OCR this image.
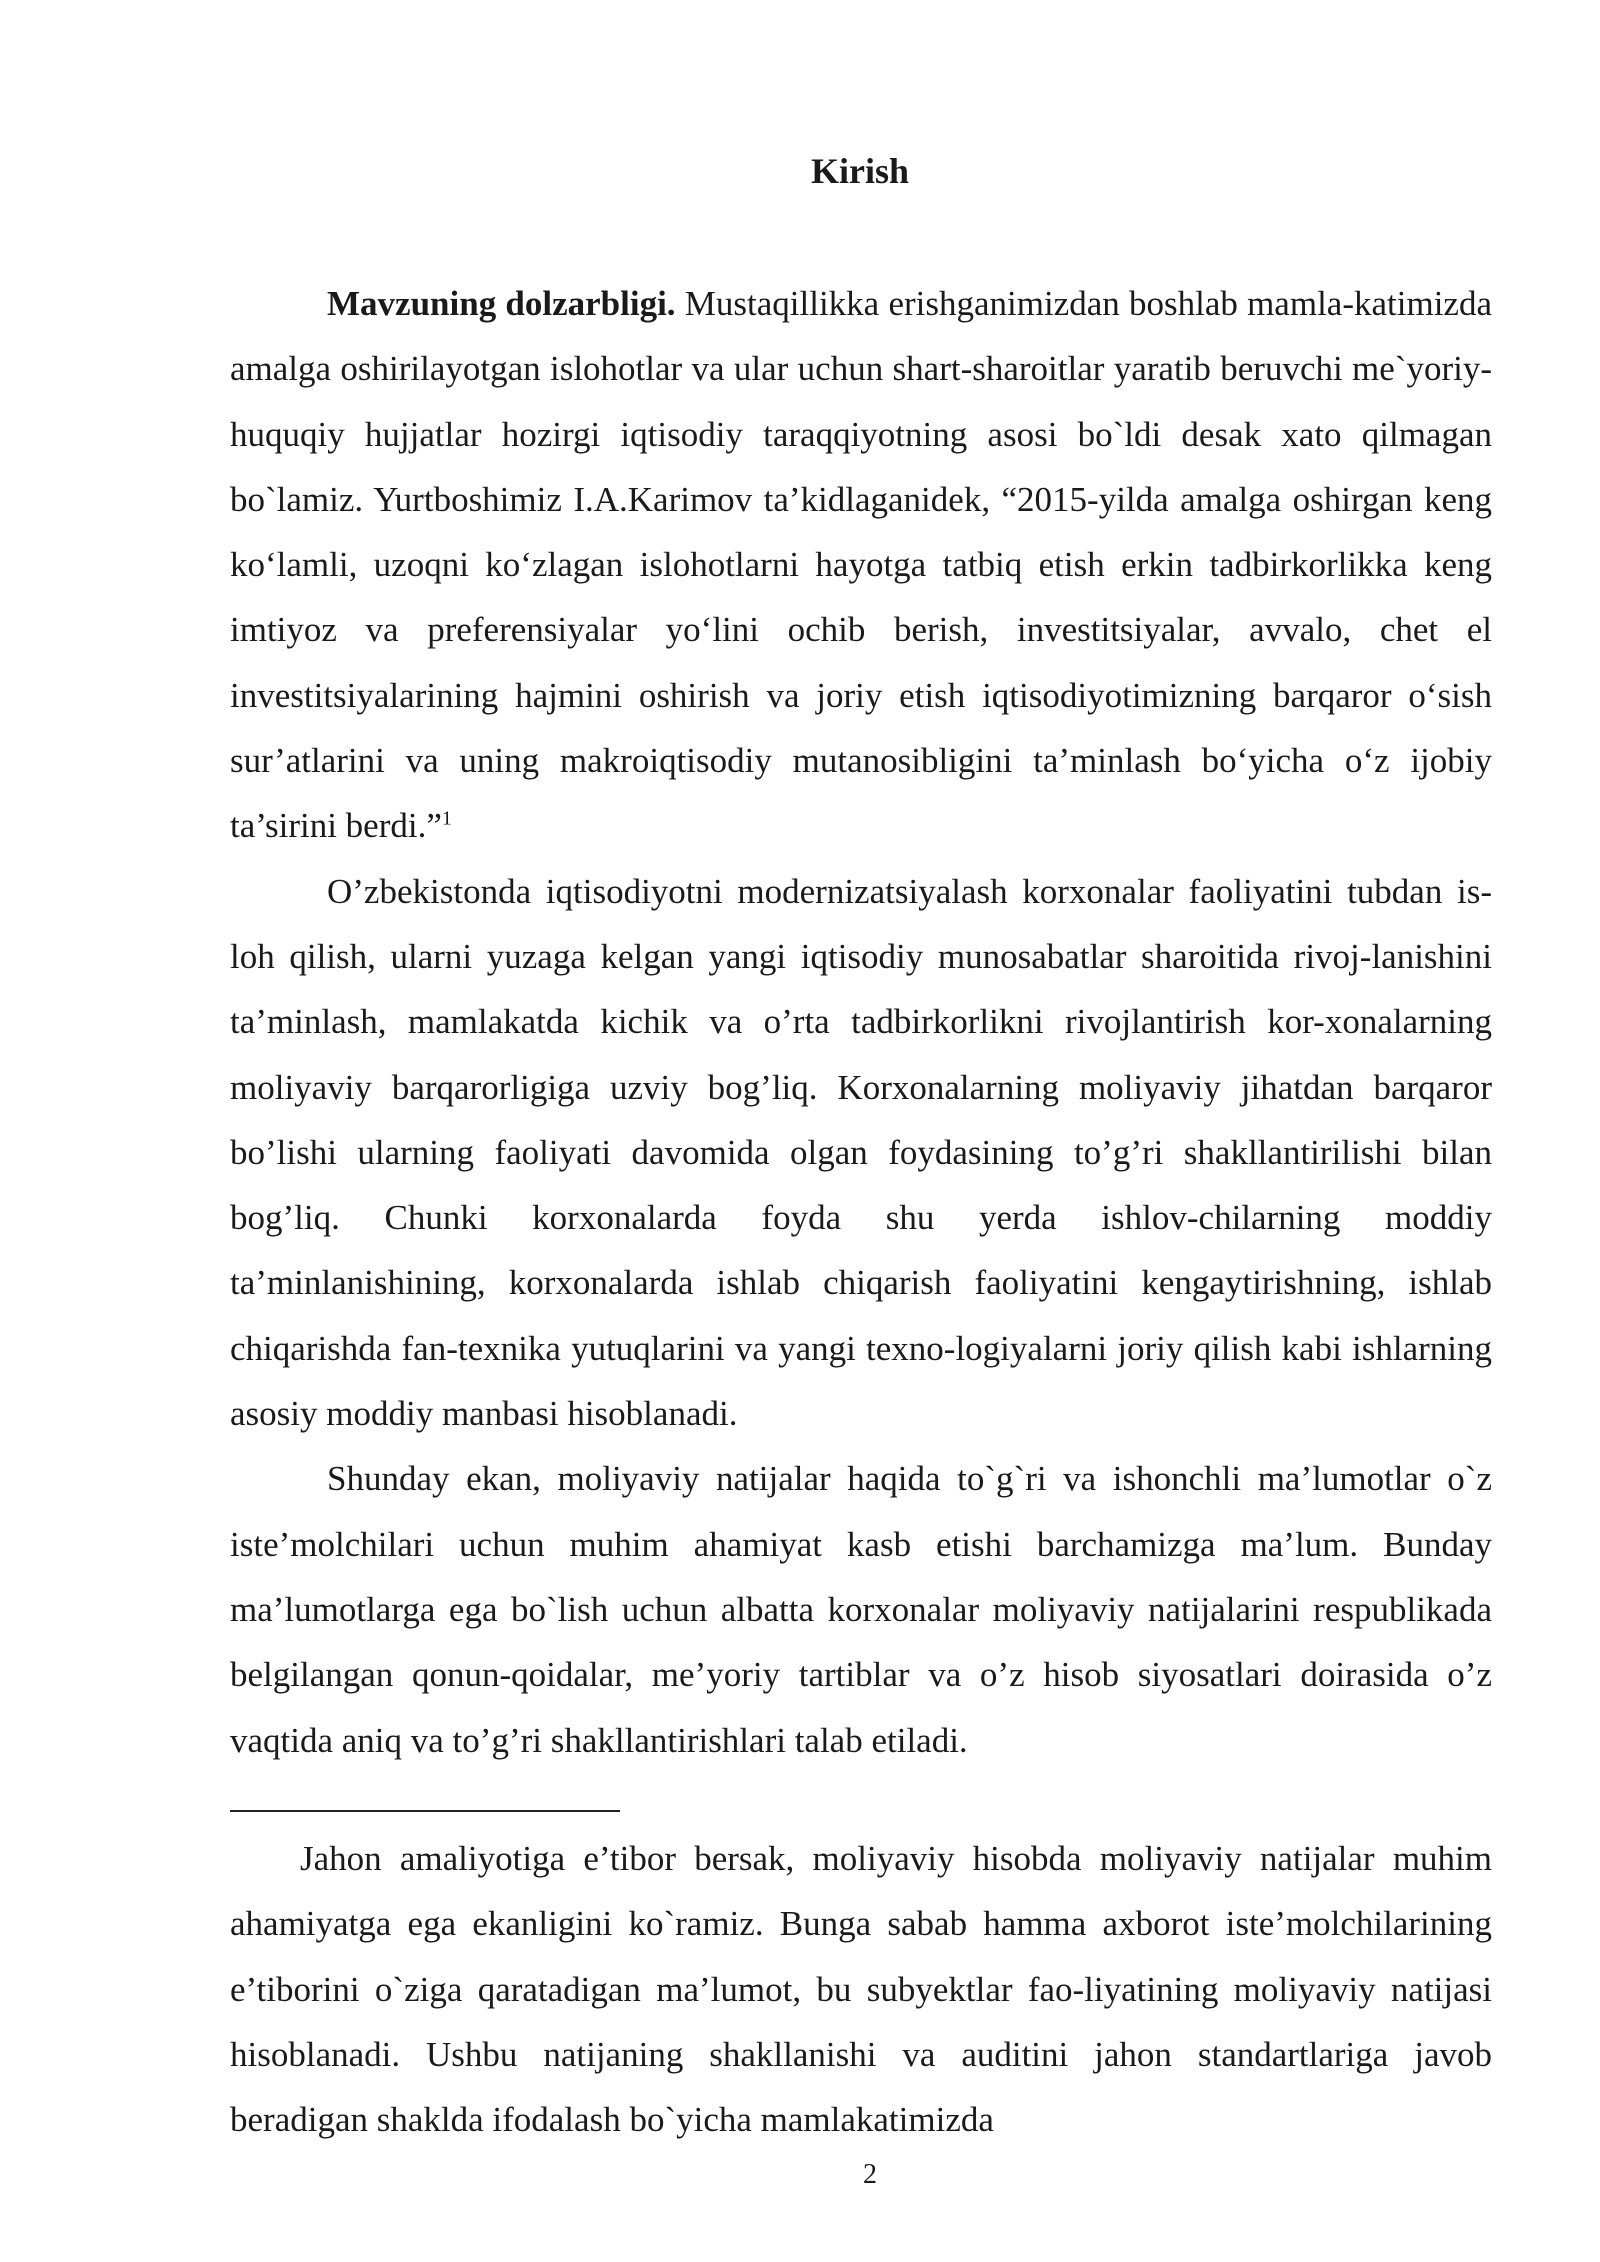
Kirish

Mavzuning dolzarbligi. Mustaqillikka erishganimizdan boshlab mamla-katimizda amalga oshirilayotgan islohotlar va ular uchun shart-sharoitlar yaratib beruvchi me`yoriy-huquqiy hujjatlar hozirgi iqtisodiy taraqqiyotning asosi bo`ldi desak xato qilmagan bo`lamiz. Yurtboshimiz I.A.Karimov ta’kidlaganidek, “2015-yilda amalga oshirgan keng ko‘lamli, uzoqni ko‘zlagan islohotlarni hayotga tatbiq etish erkin tadbirkorlikka keng imtiyoz va preferensiyalar yo‘lini ochib berish, investitsiyalar, avvalo, chet el investitsiyalarining hajmini oshirish va joriy etish iqtisodiyotimizning barqaror o‘sish sur’atlarini va uning makroiqtisodiy mutanosibligini ta’minlash bo‘yicha o‘z ijobiy ta’sirini berdi.”$^1$

O’zbekistonda iqtisodiyotni modernizatsiyalash korxonalar faoliyatini tubdan is-loh qilish, ularni yuzaga kelgan yangi iqtisodiy munosabatlar sharoitida rivoj-lanishini ta’minlash, mamlakatda kichik va o’rta tadbirkorlikni rivojlantirish kor-xonalarning moliyaviy barqarorligiga uzviy bog’liq. Korxonalarning moliyaviy jihatdan barqaror bo’lishi ularning faoliyati davomida olgan foydasining to’g’ri shakllantirilishi bilan bog’liq. Chunki korxonalarda foyda shu yerda ishlov-chilarning moddiy ta’minlanishining, korxonalarda ishlab chiqarish faoliyatini kengaytirishning, ishlab chiqarishda fan-texnika yutuqlarini va yangi texno-logiyalarni joriy qilish kabi ishlarning asosiy moddiy manbasi hisoblanadi.

Shunday ekan, moliyaviy natijalar haqida to`g`ri va ishonchli ma’lumotlar o`z iste’molchilari uchun muhim ahamiyat kasb etishi barchamizga ma’lum. Bunday ma’lumotlarga ega bo`lish uchun albatta korxonalar moliyaviy natijalarini respublikada belgilangan qonun-qoidalar, me’yoriy tartiblar va o’z hisob siyosatlari doirasida o’z vaqtida aniq va to’g’ri shakllantirishlari talab etiladi.

Jahon amaliyotiga e’tibor bersak, moliyaviy hisobda moliyaviy natijalar muhim ahamiyatga ega ekanligini ko`ramiz. Bunga sabab hamma axborot iste’molchilarining e’tiborini o`ziga qaratadigan ma’lumot, bu subyektlar fao-liyatining moliyaviy natijasi hisoblanadi. Ushbu natijaning shakllanishi va auditini jahon standartlariga javob beradigan shaklda ifodalash bo`yicha mamlakatimizda

2
